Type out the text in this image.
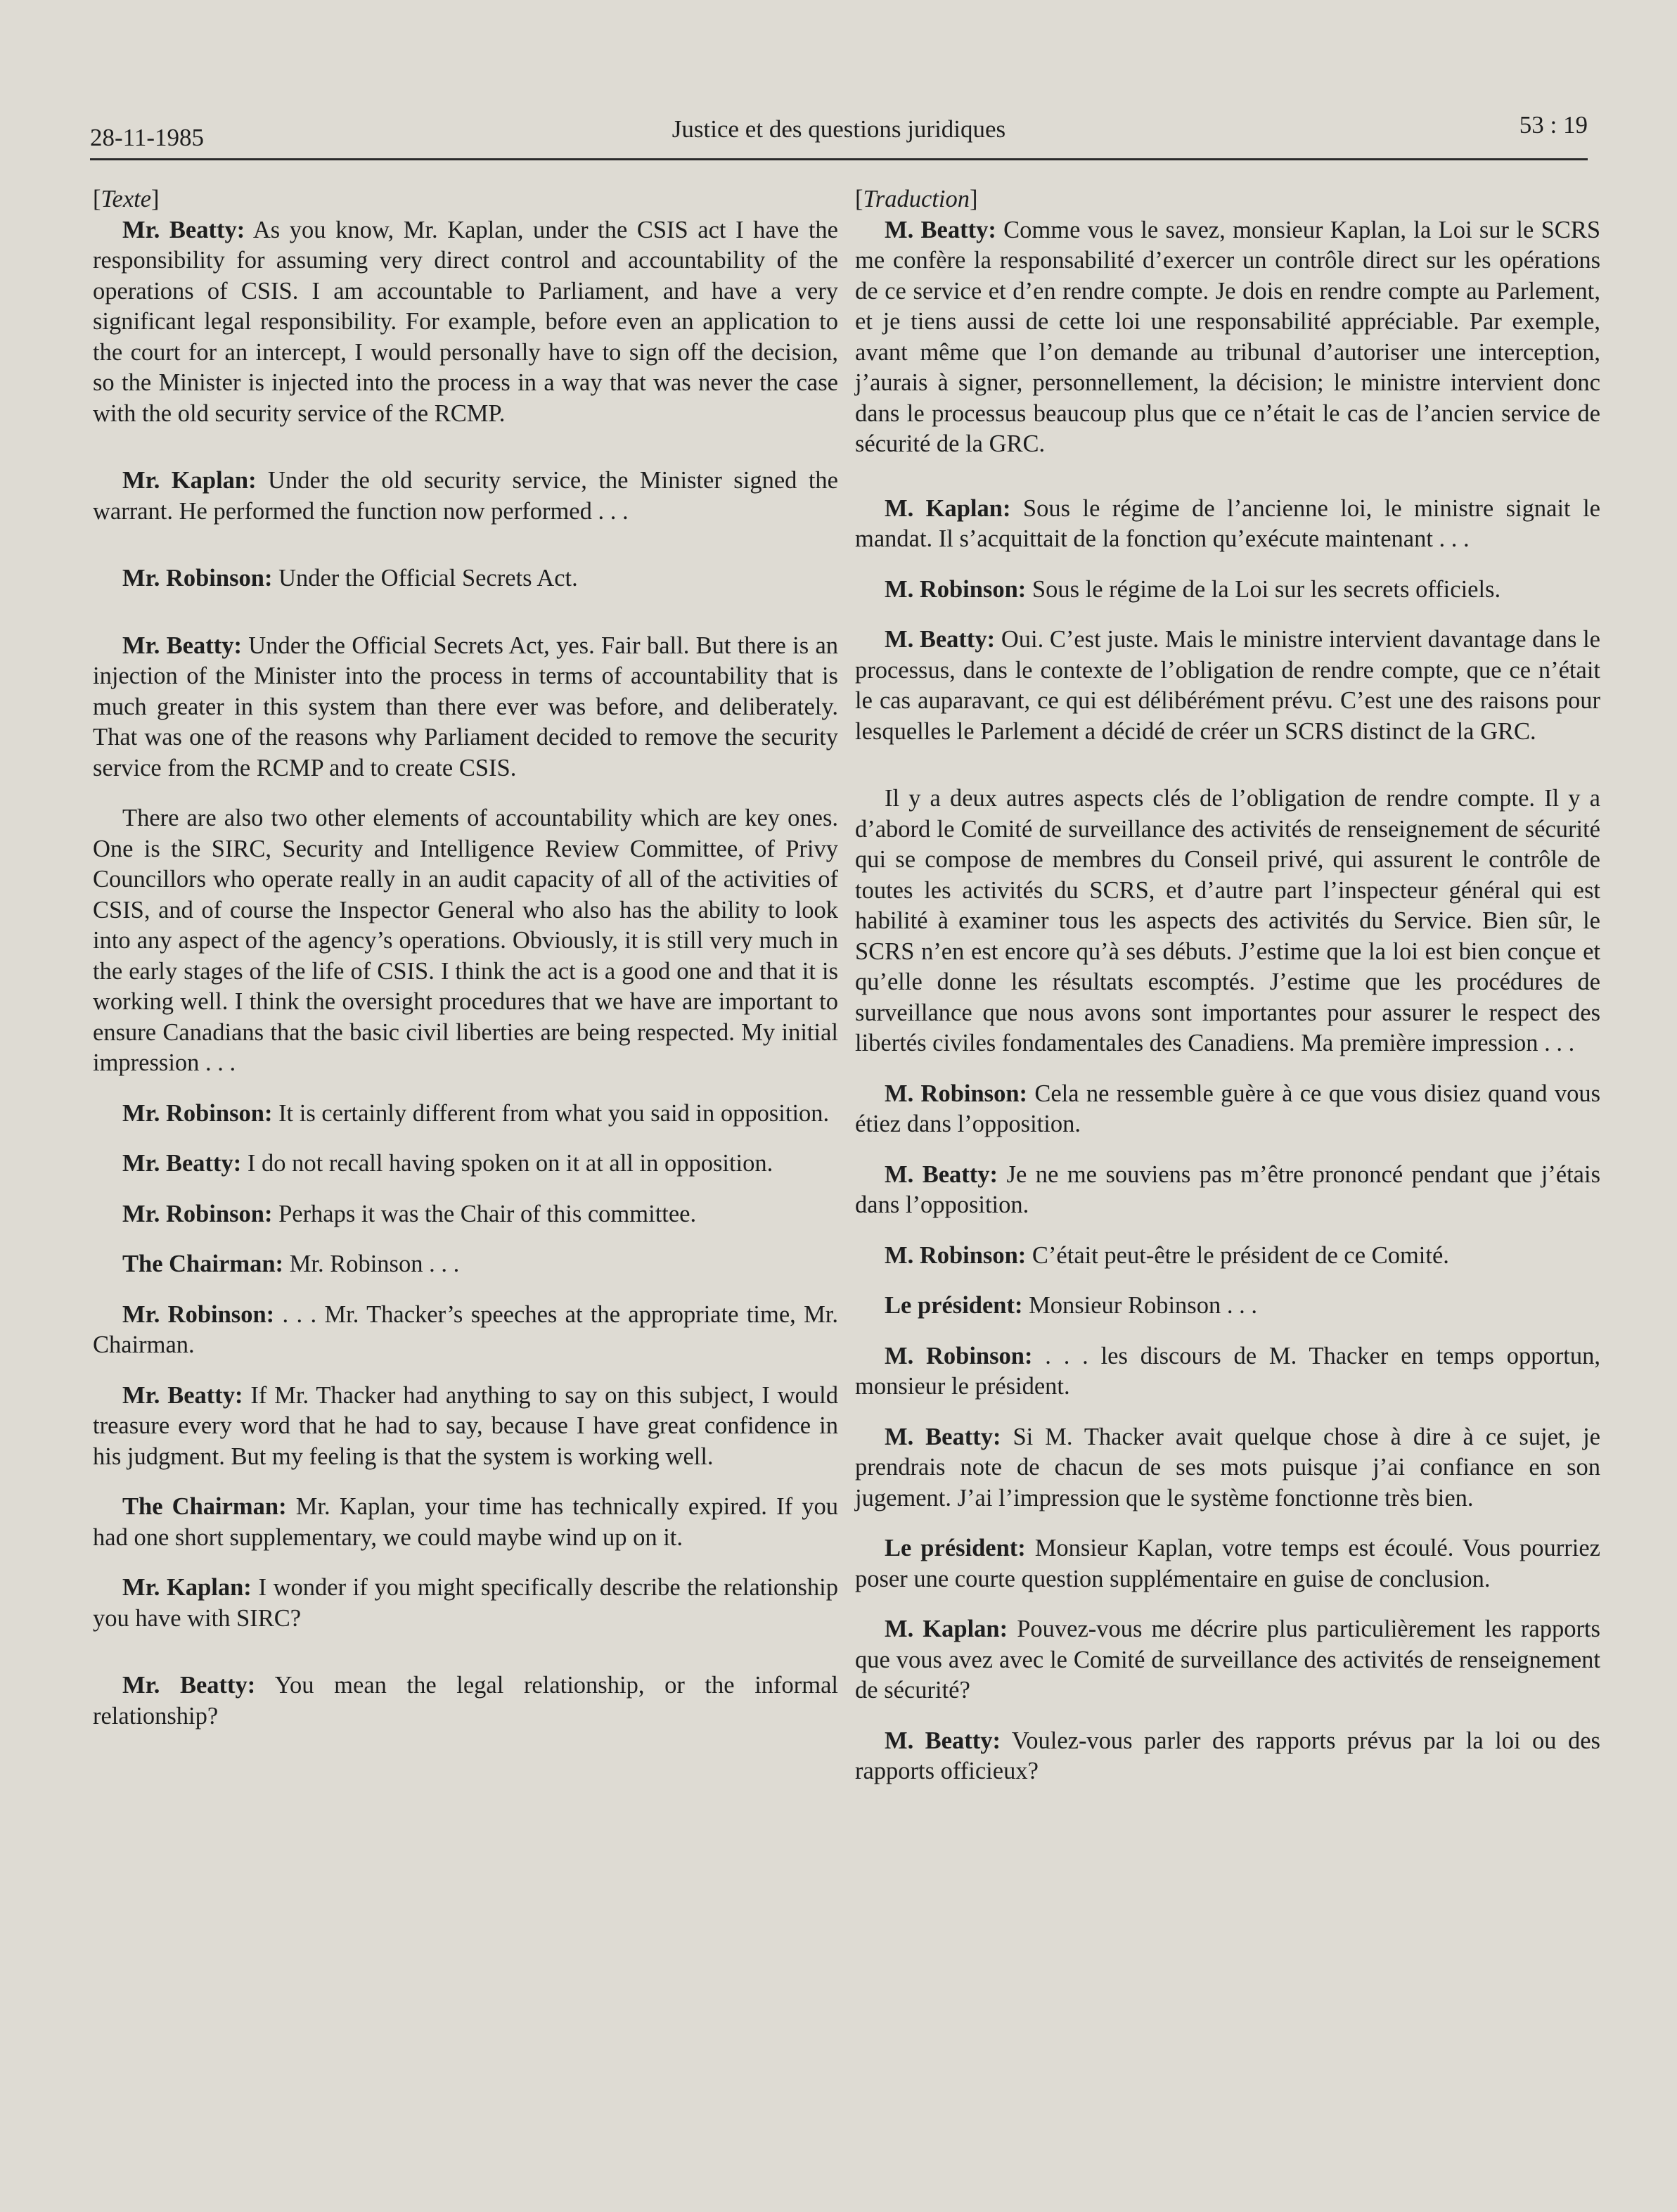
28-11-1985	Justice et des questions juridiques	53 : 19

[Texte]

Mr. Beatty: As you know, Mr. Kaplan, under the CSIS act I have the responsibility for assuming very direct control and accountability of the operations of CSIS. I am accountable to Parliament, and have a very significant legal responsibility. For example, before even an application to the court for an intercept, I would personally have to sign off the decision, so the Minister is injected into the process in a way that was never the case with the old security service of the RCMP.

Mr. Kaplan: Under the old security service, the Minister signed the warrant. He performed the function now performed . . .

Mr. Robinson: Under the Official Secrets Act.

Mr. Beatty: Under the Official Secrets Act, yes. Fair ball. But there is an injection of the Minister into the process in terms of accountability that is much greater in this system than there ever was before, and deliberately. That was one of the reasons why Parliament decided to remove the security service from the RCMP and to create CSIS.

There are also two other elements of accountability which are key ones. One is the SIRC, Security and Intelligence Review Committee, of Privy Councillors who operate really in an audit capacity of all of the activities of CSIS, and of course the Inspector General who also has the ability to look into any aspect of the agency’s operations. Obviously, it is still very much in the early stages of the life of CSIS. I think the act is a good one and that it is working well. I think the oversight procedures that we have are important to ensure Canadians that the basic civil liberties are being respected. My initial impression . . .

Mr. Robinson: It is certainly different from what you said in opposition.

Mr. Beatty: I do not recall having spoken on it at all in opposition.

Mr. Robinson: Perhaps it was the Chair of this committee.

The Chairman: Mr. Robinson . . .

Mr. Robinson: . . . Mr. Thacker’s speeches at the appropriate time, Mr. Chairman.

Mr. Beatty: If Mr. Thacker had anything to say on this subject, I would treasure every word that he had to say, because I have great confidence in his judgment. But my feeling is that the system is working well.

The Chairman: Mr. Kaplan, your time has technically expired. If you had one short supplementary, we could maybe wind up on it.

Mr. Kaplan: I wonder if you might specifically describe the relationship you have with SIRC?

Mr. Beatty: You mean the legal relationship, or the informal relationship?

[Traduction]

M. Beatty: Comme vous le savez, monsieur Kaplan, la Loi sur le SCRS me confère la responsabilité d’exercer un contrôle direct sur les opérations de ce service et d’en rendre compte. Je dois en rendre compte au Parlement, et je tiens aussi de cette loi une responsabilité appréciable. Par exemple, avant même que l’on demande au tribunal d’autoriser une interception, j’aurais à signer, personnellement, la décision; le ministre intervient donc dans le processus beaucoup plus que ce n’était le cas de l’ancien service de sécurité de la GRC.

M. Kaplan: Sous le régime de l’ancienne loi, le ministre signait le mandat. Il s’acquittait de la fonction qu’exécute maintenant . . .

M. Robinson: Sous le régime de la Loi sur les secrets officiels.

M. Beatty: Oui. C’est juste. Mais le ministre intervient davantage dans le processus, dans le contexte de l’obligation de rendre compte, que ce n’était le cas auparavant, ce qui est délibérément prévu. C’est une des raisons pour lesquelles le Parlement a décidé de créer un SCRS distinct de la GRC.

Il y a deux autres aspects clés de l’obligation de rendre compte. Il y a d’abord le Comité de surveillance des activités de renseignement de sécurité qui se compose de membres du Conseil privé, qui assurent le contrôle de toutes les activités du SCRS, et d’autre part l’inspecteur général qui est habilité à examiner tous les aspects des activités du Service. Bien sûr, le SCRS n’en est encore qu’à ses débuts. J’estime que la loi est bien conçue et qu’elle donne les résultats escomptés. J’estime que les procédures de surveillance que nous avons sont importantes pour assurer le respect des libertés civiles fondamentales des Canadiens. Ma première impression . . .

M. Robinson: Cela ne ressemble guère à ce que vous disiez quand vous étiez dans l’opposition.

M. Beatty: Je ne me souviens pas m’être prononcé pendant que j’étais dans l’opposition.

M. Robinson: C’était peut-être le président de ce Comité.

Le président: Monsieur Robinson . . .

M. Robinson: . . . les discours de M. Thacker en temps opportun, monsieur le président.

M. Beatty: Si M. Thacker avait quelque chose à dire à ce sujet, je prendrais note de chacun de ses mots puisque j’ai confiance en son jugement. J’ai l’impression que le système fonctionne très bien.

Le président: Monsieur Kaplan, votre temps est écoulé. Vous pourriez poser une courte question supplémentaire en guise de conclusion.

M. Kaplan: Pouvez-vous me décrire plus particulièrement les rapports que vous avez avec le Comité de surveillance des activités de renseignement de sécurité?

M. Beatty: Voulez-vous parler des rapports prévus par la loi ou des rapports officieux?
